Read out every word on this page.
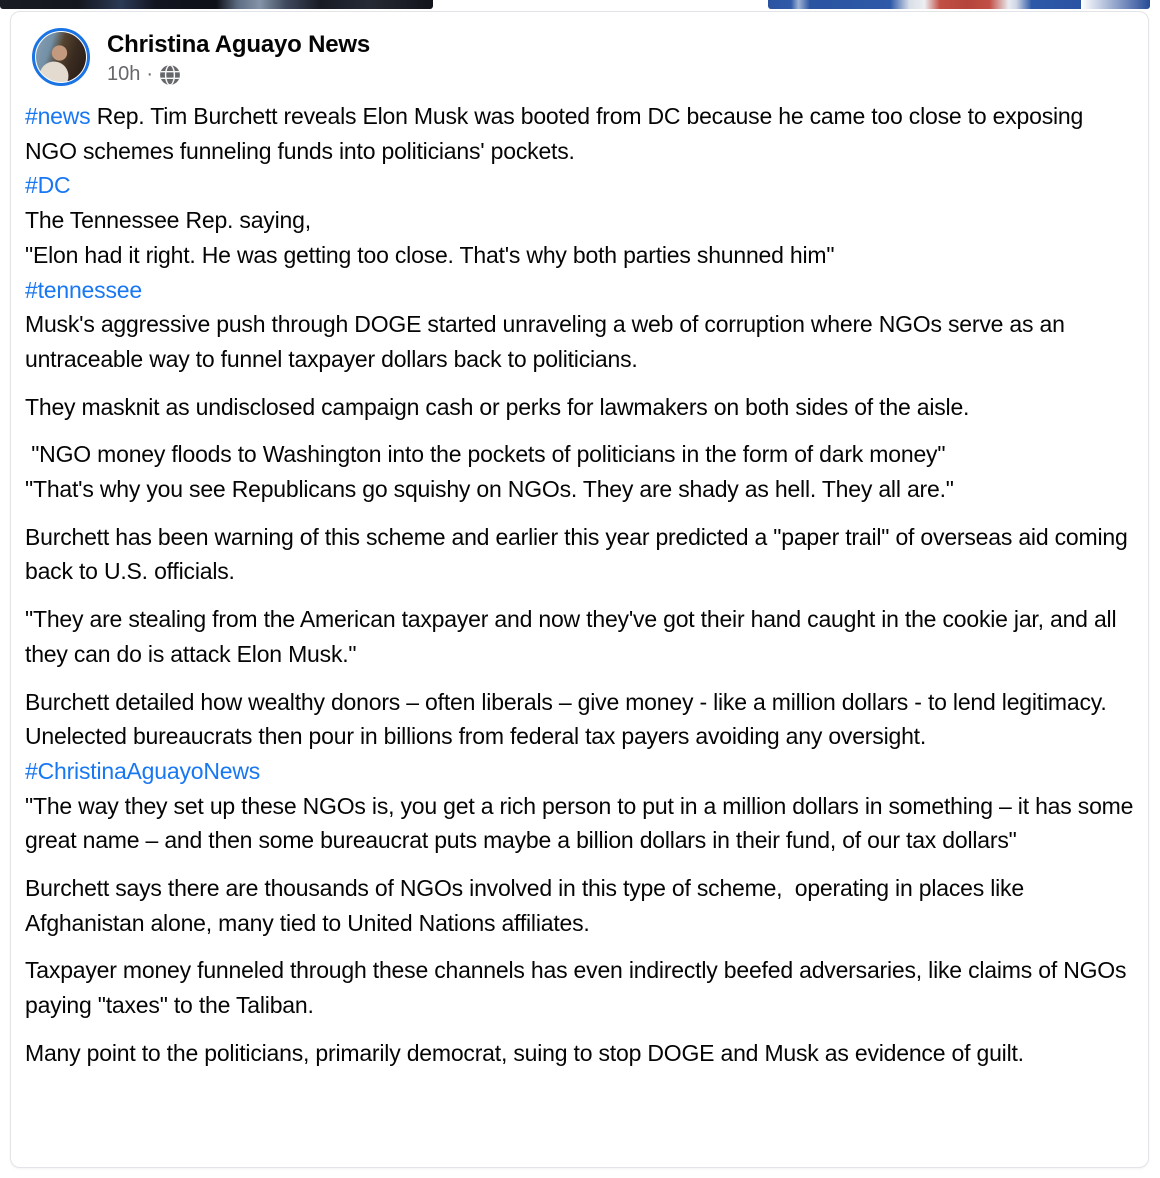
Christina Aguayo News
10h ·
#news Rep. Tim Burchett reveals Elon Musk was booted from DC because he came too close to exposing NGO schemes funneling funds into politicians' pockets.
#DC
The Tennessee Rep. saying,
"Elon had it right. He was getting too close. That's why both parties shunned him"
#tennessee
Musk's aggressive push through DOGE started unraveling a web of corruption where NGOs serve as an untraceable way to funnel taxpayer dollars back to politicians.
They masknit as undisclosed campaign cash or perks for lawmakers on both sides of the aisle.
"NGO money floods to Washington into the pockets of politicians in the form of dark money"
"That's why you see Republicans go squishy on NGOs. They are shady as hell. They all are."
Burchett has been warning of this scheme and earlier this year predicted a "paper trail" of overseas aid coming back to U.S. officials.
"They are stealing from the American taxpayer and now they've got their hand caught in the cookie jar, and all they can do is attack Elon Musk."
Burchett detailed how wealthy donors – often liberals – give money - like a million dollars - to lend legitimacy.
Unelected bureaucrats then pour in billions from federal tax payers avoiding any oversight.
#ChristinaAguayoNews
"The way they set up these NGOs is, you get a rich person to put in a million dollars in something – it has some great name – and then some bureaucrat puts maybe a billion dollars in their fund, of our tax dollars"
Burchett says there are thousands of NGOs involved in this type of scheme,  operating in places like Afghanistan alone, many tied to United Nations affiliates.
Taxpayer money funneled through these channels has even indirectly beefed adversaries, like claims of NGOs paying "taxes" to the Taliban.
Many point to the politicians, primarily democrat, suing to stop DOGE and Musk as evidence of guilt.
